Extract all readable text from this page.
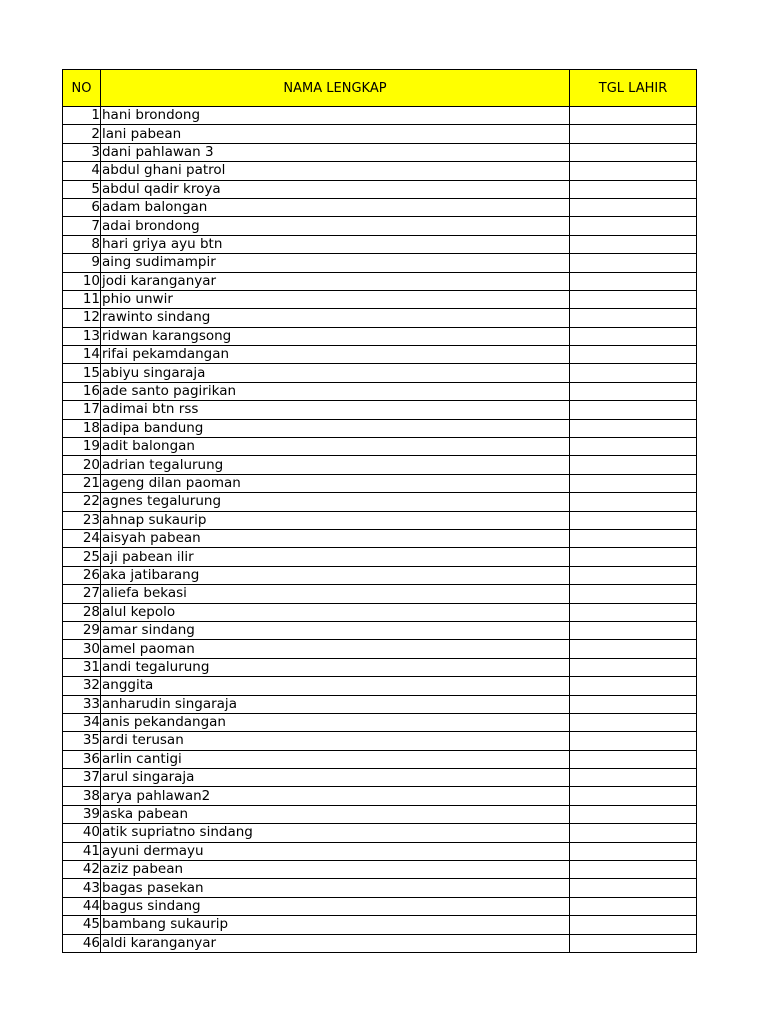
NO	NAMA LENGKAP	TGL LAHIR
1	hani brondong	
2	lani pabean	
3	dani pahlawan 3	
4	abdul ghani patrol	
5	abdul qadir kroya	
6	adam balongan	
7	adai brondong	
8	hari griya ayu btn	
9	aing sudimampir	
10	jodi karanganyar	
11	phio unwir	
12	rawinto sindang	
13	ridwan karangsong	
14	rifai pekamdangan	
15	abiyu singaraja	
16	ade santo pagirikan	
17	adimai btn rss	
18	adipa bandung	
19	adit balongan	
20	adrian tegalurung	
21	ageng dilan paoman	
22	agnes tegalurung	
23	ahnap sukaurip	
24	aisyah pabean	
25	aji pabean ilir	
26	aka jatibarang	
27	aliefa bekasi	
28	alul kepolo	
29	amar sindang	
30	amel paoman	
31	andi tegalurung	
32	anggita	
33	anharudin singaraja	
34	anis pekandangan	
35	ardi terusan	
36	arlin cantigi	
37	arul singaraja	
38	arya pahlawan2	
39	aska pabean	
40	atik supriatno sindang	
41	ayuni dermayu	
42	aziz pabean	
43	bagas pasekan	
44	bagus sindang	
45	bambang sukaurip	
46	aldi karanganyar	
